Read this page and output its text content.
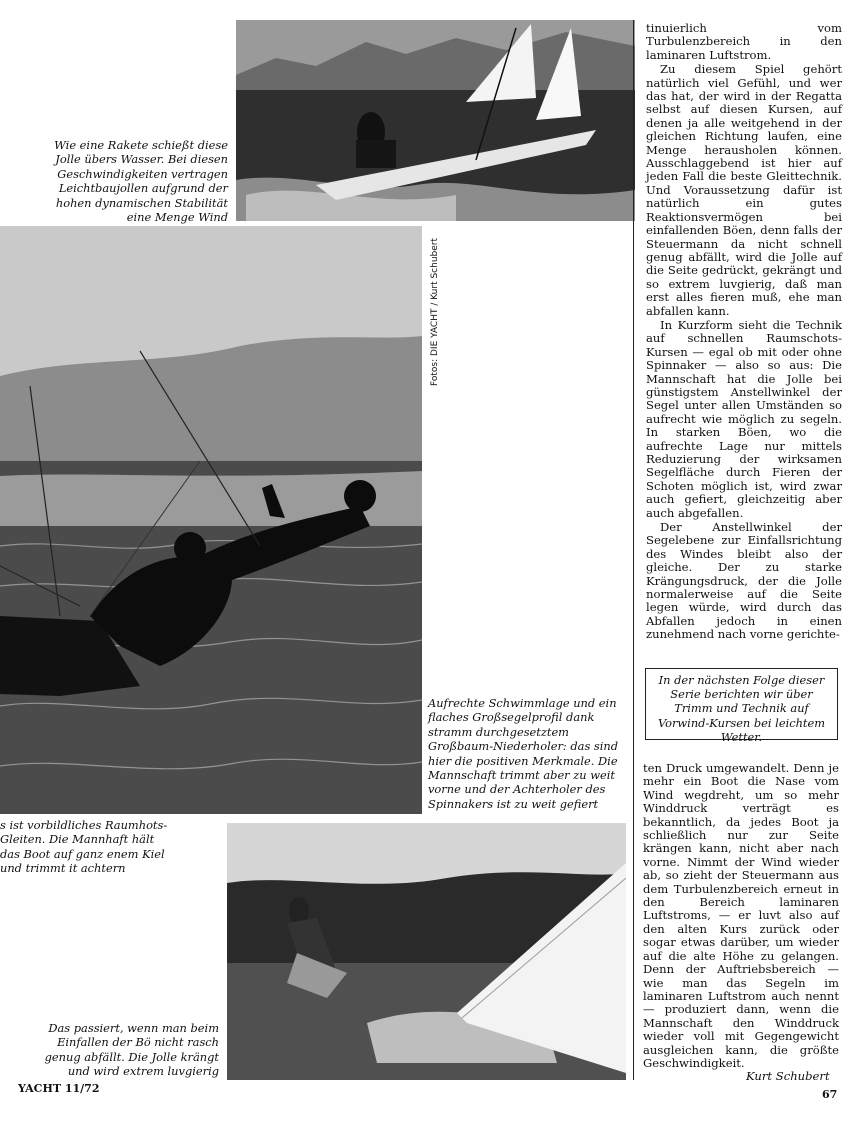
Wie eine Rakete schießt diese Jolle übers Wasser. Bei diesen Geschwindigkeiten vertragen Leichtbaujollen aufgrund der hohen dynamischen Stabilität eine Menge Wind

Fotos: DIE YACHT / Kurt Schubert

Aufrechte Schwimmlage und ein flaches Großsegelprofil dank stramm durchgesetztem Großbaum-Niederholer: das sind hier die positiven Merkmale. Die Mannschaft trimmt aber zu weit vorne und der Achterholer des Spinnakers ist zu weit gefiert

s ist vorbildliches Raumhots-Gleiten. Die Mannhaft hält das Boot auf ganz enem Kiel und trimmt it achtern

Das passiert, wenn man beim Einfallen der Bö nicht rasch genug abfällt. Die Jolle krängt und wird extrem luvgierig

tinuierlich vom Turbulenzbereich in den laminaren Luftstrom.

Zu diesem Spiel gehört natürlich viel Gefühl, und wer das hat, der wird in der Regatta selbst auf diesen Kursen, auf denen ja alle weitgehend in der gleichen Richtung laufen, eine Menge herausholen können. Ausschlaggebend ist hier auf jeden Fall die beste Gleittechnik. Und Voraussetzung dafür ist natürlich ein gutes Reaktionsvermögen bei einfallenden Böen, denn falls der Steuermann da nicht schnell genug abfällt, wird die Jolle auf die Seite gedrückt, gekrängt und so extrem luvgierig, daß man erst alles fieren muß, ehe man abfallen kann.

In Kurzform sieht die Technik auf schnellen Raumschots-Kursen — egal ob mit oder ohne Spinnaker — also so aus: Die Mannschaft hat die Jolle bei günstigstem Anstellwinkel der Segel unter allen Umständen so aufrecht wie möglich zu segeln. In starken Böen, wo die aufrechte Lage nur mittels Reduzierung der wirksamen Segelfläche durch Fieren der Schoten möglich ist, wird zwar auch gefiert, gleichzeitig aber auch abgefallen.

Der Anstellwinkel der Segelebene zur Einfallsrichtung des Windes bleibt also der gleiche. Der zu starke Krängungsdruck, der die Jolle normalerweise auf die Seite legen würde, wird durch das Abfallen jedoch in einen zunehmend nach vorne gerichte-

In der nächsten Folge dieser Serie berichten wir über Trimm und Technik auf Vorwind-Kursen bei leichtem Wetter.

ten Druck umgewandelt. Denn je mehr ein Boot die Nase vom Wind wegdreht, um so mehr Winddruck verträgt es bekanntlich, da jedes Boot ja schließlich nur zur Seite krängen kann, nicht aber nach vorne. Nimmt der Wind wieder ab, so zieht der Steuermann aus dem Turbulenzbereich erneut in den Bereich laminaren Luftstroms, — er luvt also auf den alten Kurs zurück oder sogar etwas darüber, um wieder auf die alte Höhe zu gelangen. Denn der Auftriebsbereich — wie man das Segeln im laminaren Luftstrom auch nennt — produziert dann, wenn die Mannschaft den Winddruck wieder voll mit Gegengewicht ausgleichen kann, die größte Geschwindigkeit.

Kurt Schubert
YACHT 11/72	67
